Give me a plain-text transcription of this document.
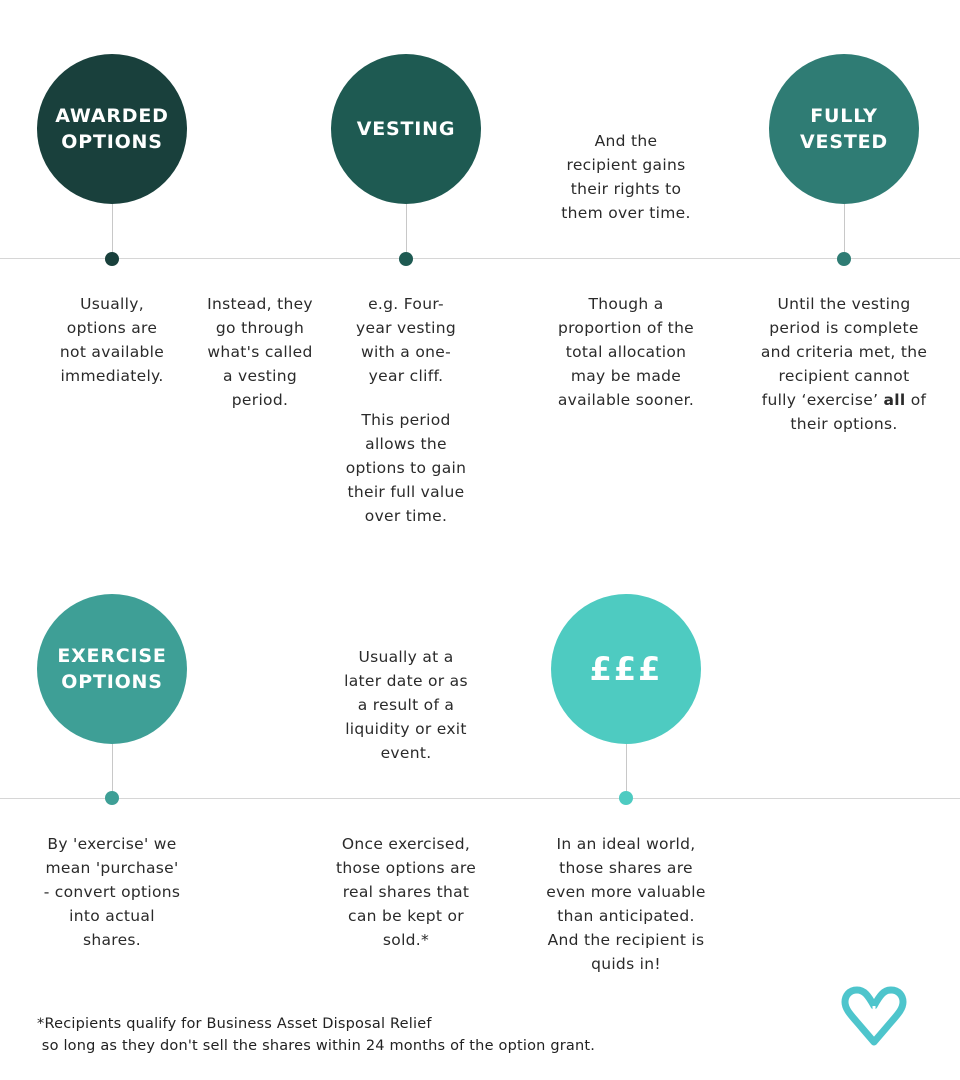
AWARDED
OPTIONS
VESTING
FULLY
VESTED
And the
recipient gains
their rights to
them over time.
Usually,
options are
not available
immediately.
Instead, they
go through
what's called
a vesting
period.
e.g. Four-
year vesting
with a one-
year cliff.
This period
allows the
options to gain
their full value
over time.
Though a
proportion of the
total allocation
may be made
available sooner.
Until the vesting
period is complete
and criteria met, the
recipient cannot
fully ‘exercise’ all of
their options.
EXERCISE
OPTIONS	£££
Usually at a
later date or as
a result of a
liquidity or exit
event.
By 'exercise' we
mean 'purchase'
- convert options
into actual
shares.
Once exercised,
those options are
real shares that
can be kept or
sold.*
In an ideal world,
those shares are
even more valuable
than anticipated.
And the recipient is
quids in!
*Recipients qualify for Business Asset Disposal Relief
so long as they don't sell the shares within 24 months of the option grant.
